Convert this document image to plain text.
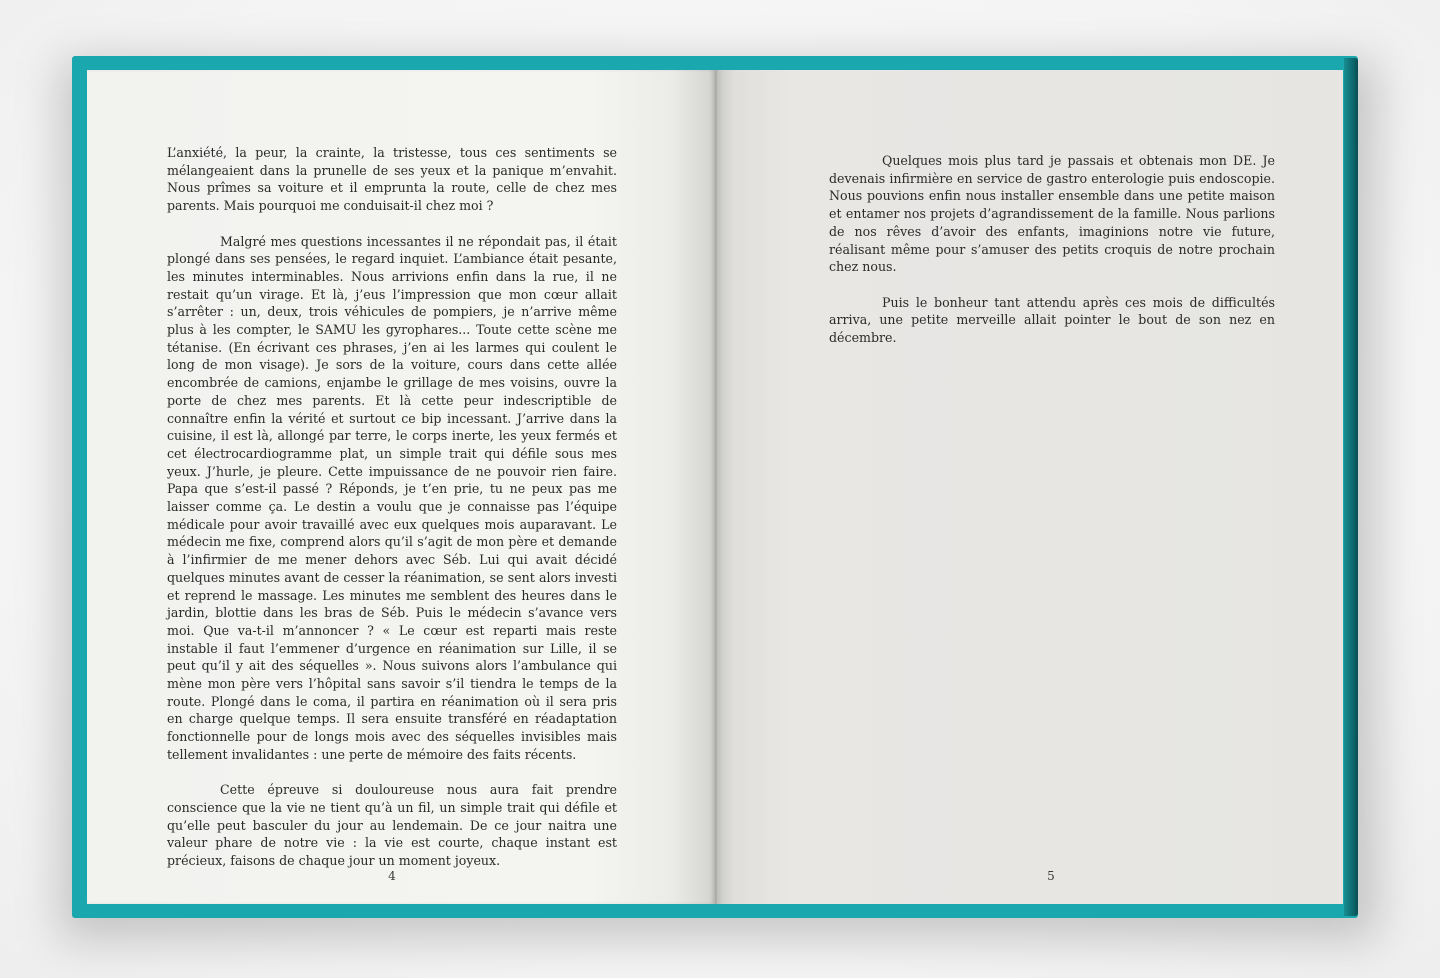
L’anxiété, la peur, la crainte, la tristesse, tous ces sentiments se mélangeaient dans la prunelle de ses yeux et la panique m’envahit. Nous prîmes sa voiture et il emprunta la route, celle de chez mes parents. Mais pourquoi me conduisait-il chez moi ?

Malgré mes questions incessantes il ne répondait pas, il était plongé dans ses pensées, le regard inquiet. L’ambiance était pesante, les minutes interminables. Nous arrivions enfin dans la rue, il ne restait qu’un virage. Et là, j’eus l’impression que mon cœur allait s’arrêter : un, deux, trois véhicules de pompiers, je n’arrive même plus à les compter, le SAMU les gyrophares... Toute cette scène me tétanise. (En écrivant ces phrases, j’en ai les larmes qui coulent le long de mon visage). Je sors de la voiture, cours dans cette allée encombrée de camions, enjambe le grillage de mes voisins, ouvre la porte de chez mes parents. Et là cette peur indescriptible de connaître enfin la vérité et surtout ce bip incessant. J’arrive dans la cuisine, il est là, allongé par terre, le corps inerte, les yeux fermés et cet électrocardiogramme plat, un simple trait qui défile sous mes yeux. J’hurle, je pleure. Cette impuissance de ne pouvoir rien faire. Papa que s’est-il passé ? Réponds, je t’en prie, tu ne peux pas me laisser comme ça. Le destin a voulu que je connaisse pas l’équipe médicale pour avoir travaillé avec eux quelques mois auparavant. Le médecin me fixe, comprend alors qu’il s’agit de mon père et demande à l’infirmier de me mener dehors avec Séb. Lui qui avait décidé quelques minutes avant de cesser la réanimation, se sent alors investi et reprend le massage. Les minutes me semblent des heures dans le jardin, blottie dans les bras de Séb. Puis le médecin s’avance vers moi. Que va-t-il m’annoncer ? « Le cœur est reparti mais reste instable il faut l’emmener d’urgence en réanimation sur Lille, il se peut qu’il y ait des séquelles ». Nous suivons alors l’ambulance qui mène mon père vers l’hôpital sans savoir s’il tiendra le temps de la route. Plongé dans le coma, il partira en réanimation où il sera pris en charge quelque temps. Il sera ensuite transféré en réadaptation fonctionnelle pour de longs mois avec des séquelles invisibles mais tellement invalidantes : une perte de mémoire des faits récents.

Cette épreuve si douloureuse nous aura fait prendre conscience que la vie ne tient qu’à un fil, un simple trait qui défile et qu’elle peut basculer du jour au lendemain. De ce jour naitra une valeur phare de notre vie : la vie est courte, chaque instant est précieux, faisons de chaque jour un moment joyeux.

4

Quelques mois plus tard je passais et obtenais mon DE. Je devenais infirmière en service de gastro enterologie puis endoscopie. Nous pouvions enfin nous installer ensemble dans une petite maison et entamer nos projets d’agrandissement de la famille. Nous parlions de nos rêves d’avoir des enfants, imaginions notre vie future, réalisant même pour s’amuser des petits croquis de notre prochain chez nous.

Puis le bonheur tant attendu après ces mois de difficultés arriva, une petite merveille allait pointer le bout de son nez en décembre.

5
